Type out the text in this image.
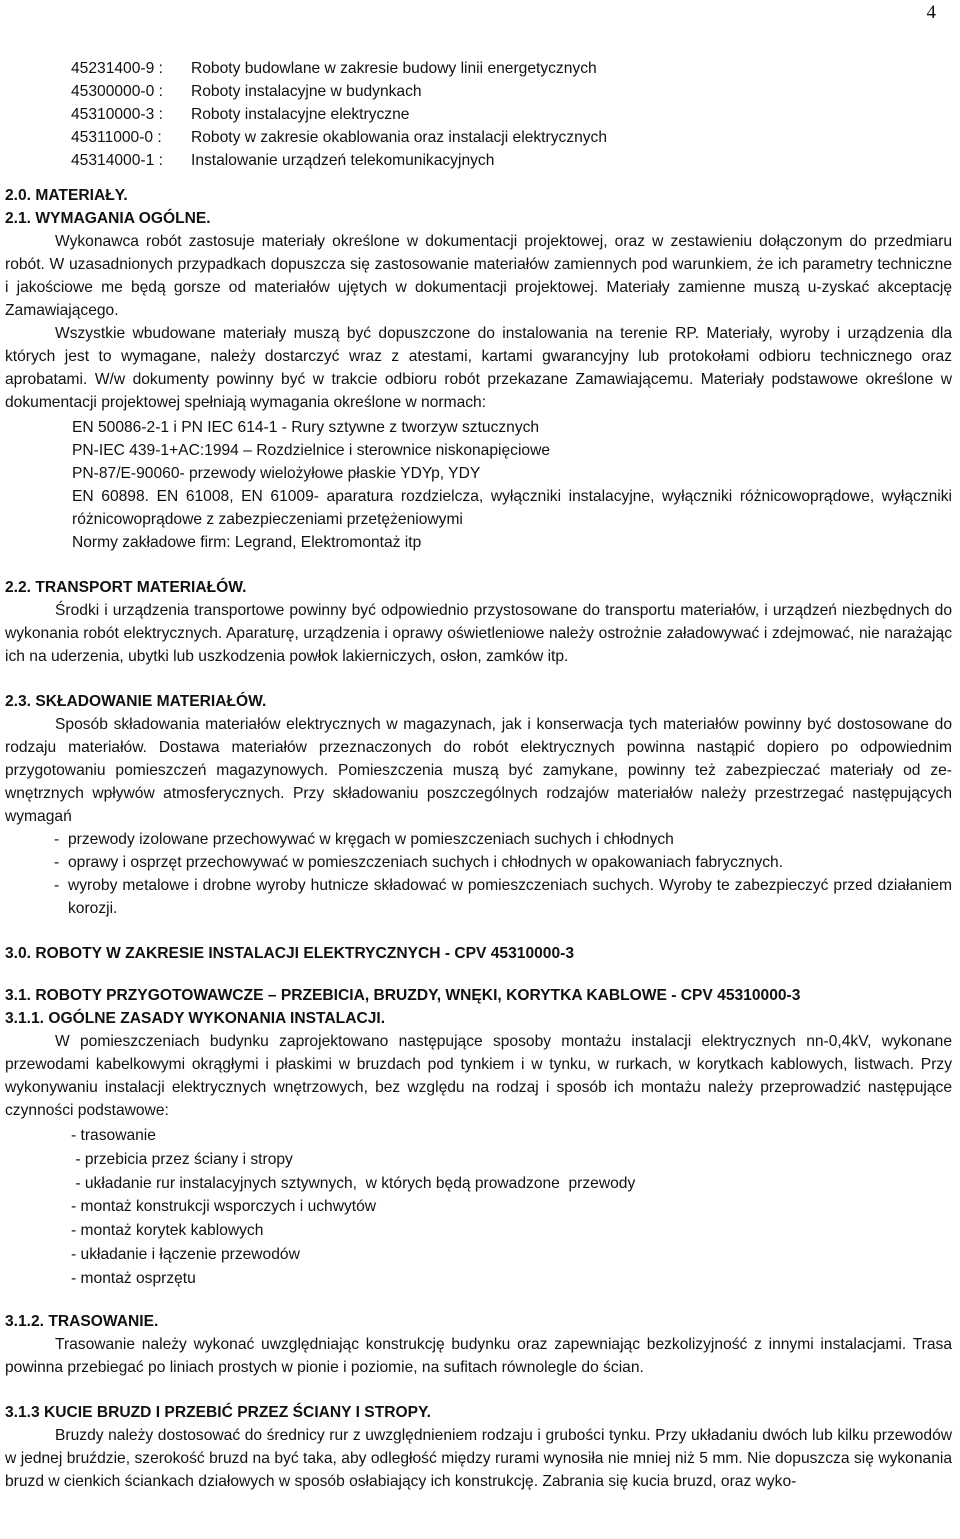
4
45231400-9 :	Roboty budowlane w zakresie budowy linii energetycznych
45300000-0 :	Roboty instalacyjne w budynkach
45310000-3 :	Roboty instalacyjne elektryczne
45311000-0 :	Roboty w zakresie okablowania oraz instalacji elektrycznych
45314000-1 :	Instalowanie urządzeń telekomunikacyjnych
2.0. MATERIAŁY.
2.1. WYMAGANIA OGÓLNE.

Wykonawca robót zastosuje materiały określone w dokumentacji projektowej, oraz w zestawieniu dołączonym do przedmiaru robót. W uzasadnionych przypadkach dopuszcza się zastosowanie materiałów zamiennych pod warunkiem, że ich parametry techniczne i jakościowe me będą gorsze od materiałów ujętych w dokumentacji projektowej. Materiały zamienne muszą u-zyskać akceptację Zamawiającego.

Wszystkie wbudowane materiały muszą być dopuszczone do instalowania na terenie RP. Materiały, wyroby i urządzenia dla których jest to wymagane, należy dostarczyć wraz z atestami, kartami gwarancyjny lub protokołami odbioru technicznego oraz aprobatami. W/w dokumenty powinny być w trakcie odbioru robót przekazane Zamawiającemu. Materiały podstawowe określone w dokumentacji projektowej spełniają wymagania określone w normach:

EN 50086-2-1 i PN IEC 614-1 - Rury sztywne z tworzyw sztucznych
PN-IEC 439-1+AC:1994 – Rozdzielnice i sterownice niskonapięciowe
PN-87/E-90060- przewody wielożyłowe płaskie YDYp, YDY
EN 60898. EN 61008, EN 61009- aparatura rozdzielcza, wyłączniki instalacyjne, wyłączniki różnicowoprądowe, wyłączniki różnicowoprądowe z zabezpieczeniami przetężeniowymi
Normy zakładowe firm: Legrand, Elektromontaż itp
2.2. TRANSPORT MATERIAŁÓW.

Środki i urządzenia transportowe powinny być odpowiednio przystosowane do transportu materiałów, i urządzeń niezbędnych do wykonania robót elektrycznych. Aparaturę, urządzenia i oprawy oświetleniowe należy ostrożnie załadowywać i zdejmować, nie narażając ich na uderzenia, ubytki lub uszkodzenia powłok lakierniczych, osłon, zamków itp.

2.3. SKŁADOWANIE MATERIAŁÓW.

Sposób składowania materiałów elektrycznych w magazynach, jak i konserwacja tych materiałów powinny być dostosowane do rodzaju materiałów. Dostawa materiałów przeznaczonych do robót elektrycznych powinna nastąpić dopiero po odpowiednim przygotowaniu pomieszczeń magazynowych. Pomieszczenia muszą być zamykane, powinny też zabezpieczać materiały od ze-wnętrznych wpływów atmosferycznych. Przy składowaniu poszczególnych rodzajów materiałów należy przestrzegać następujących wymagań

- przewody izolowane przechowywać w kręgach w pomieszczeniach suchych i chłodnych
- oprawy i osprzęt przechowywać w pomieszczeniach suchych i chłodnych w opakowaniach fabrycznych.
- wyroby metalowe i drobne wyroby hutnicze składować w pomieszczeniach suchych. Wyroby te zabezpieczyć przed działaniem korozji.
3.0. ROBOTY W ZAKRESIE INSTALACJI ELEKTRYCZNYCH - CPV 45310000-3
3.1. ROBOTY PRZYGOTOWAWCZE – PRZEBICIA, BRUZDY, WNĘKI, KORYTKA KABLOWE - CPV 45310000-3
3.1.1. OGÓLNE ZASADY WYKONANIA INSTALACJI.

W pomieszczeniach budynku zaprojektowano następujące sposoby montażu instalacji elektrycznych nn-0,4kV, wykonane przewodami kabelkowymi okrągłymi i płaskimi w bruzdach pod tynkiem i w tynku, w rurkach, w korytkach kablowych, listwach. Przy wykonywaniu instalacji elektrycznych wnętrzowych, bez względu na rodzaj i sposób ich montażu należy przeprowadzić następujące czynności podstawowe:

- trasowanie
- przebicia przez ściany i stropy
- układanie rur instalacyjnych sztywnych,  w których będą prowadzone  przewody
- montaż konstrukcji wsporczych i uchwytów
- montaż korytek kablowych
- układanie i łączenie przewodów
- montaż osprzętu
3.1.2. TRASOWANIE.

Trasowanie należy wykonać uwzględniając konstrukcję budynku oraz zapewniając bezkolizyjność z innymi instalacjami. Trasa powinna przebiegać po liniach prostych w pionie i poziomie, na sufitach równolegle do ścian.

3.1.3 KUCIE BRUZD I PRZEBIĆ PRZEZ ŚCIANY I STROPY.

Bruzdy należy dostosować do średnicy rur z uwzględnieniem rodzaju i grubości tynku. Przy układaniu dwóch lub kilku przewodów w jednej bruździe, szerokość bruzd na być taka, aby odległość między rurami wynosiła nie mniej niż 5 mm. Nie dopuszcza się wykonania bruzd w cienkich ściankach działowych w sposób osłabiający ich konstrukcję. Zabrania się kucia bruzd, oraz wyko-
